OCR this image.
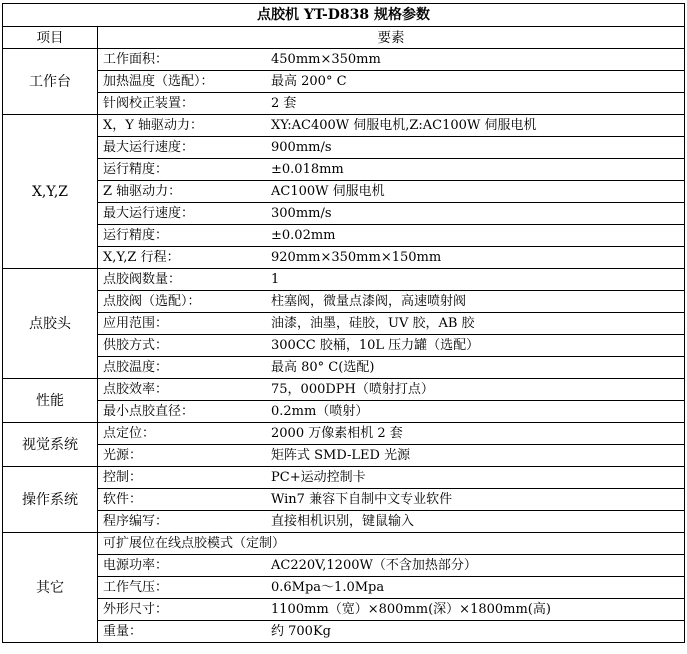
点胶机 YT-D838 规格参数	
项目	要素
工作台	工作面积： 450mm×350mm
	加热温度（选配）： 最高 200° C
	针阀校正装置： 2 套
X,Y,Z	X，Y 轴驱动力： XY:AC400W 伺服电机,Z:AC100W 伺服电机
	最大运行速度： 900mm/s
	运行精度： ±0.018mm
	Z 轴驱动力： AC100W 伺服电机
	最大运行速度： 300mm/s
	运行精度： ±0.02mm
	X,Y,Z 行程： 920mm×350mm×150mm
点胶头	点胶阀数量： 1
	点胶阀（选配）： 柱塞阀，微量点漆阀，高速喷射阀
	应用范围： 油漆，油墨，硅胶，UV 胶，AB 胶
	供胶方式： 300CC 胶桶，10L 压力罐（选配）
	点胶温度： 最高 80° C(选配)
性能	点胶效率： 75，000DPH（喷射打点）
	最小点胶直径： 0.2mm（喷射）
视觉系统	点定位： 2000 万像素相机 2 套
	光源： 矩阵式 SMD-LED 光源
操作系统	控制： PC+运动控制卡
	软件： Win7 兼容下自制中文专业软件
	程序编写： 直接相机识别，键鼠输入
其它	可扩展位在线点胶模式（定制）
	电源功率： AC220V,1200W（不含加热部分）
	工作气压： 0.6Mpa～1.0Mpa
	外形尺寸： 1100mm（宽）×800mm(深）×1800mm(高)
	重量： 约 700Kg
